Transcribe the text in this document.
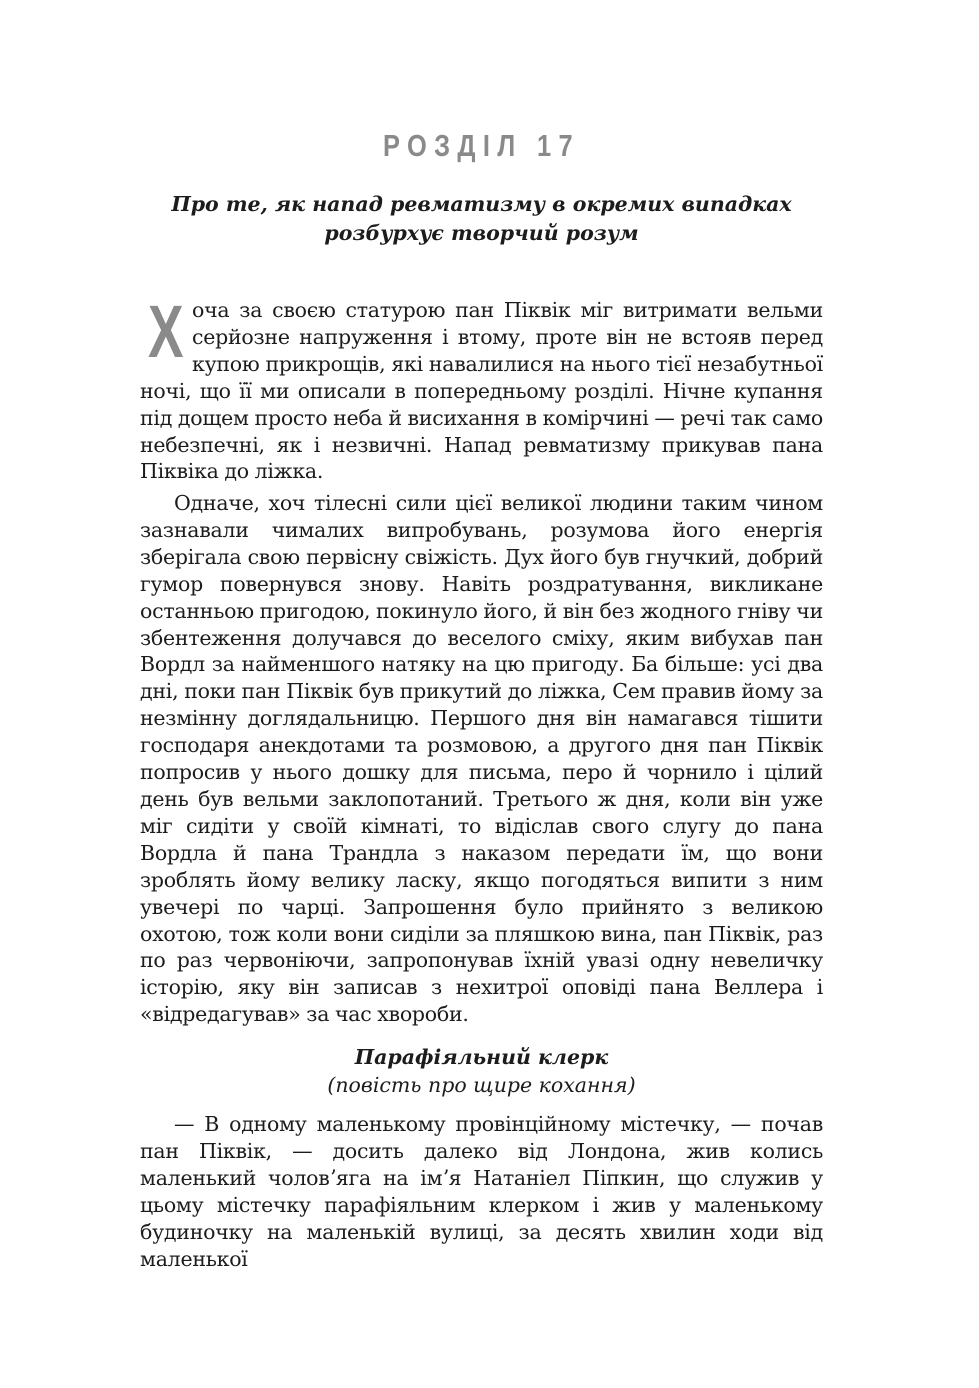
РОЗДІЛ 17
Про те, як напад ревматизму в окремих випадках
розбурхує творчий розум
Хоча за своєю статурою пан Піквік міг витримати вельми серйозне напруження і втому, проте він не встояв перед купою прикрощів, які навалилися на нього тієї незабутньої ночі, що її ми описали в попередньому розділі. Нічне купання під дощем просто неба й висихання в комірчині — речі так само небезпечні, як і незвичні. Напад ревматизму прикував пана Піквіка до ліжка.
Одначе, хоч тілесні сили цієї великої людини таким чином зазнавали чималих випробувань, розумова його енергія зберігала свою первісну свіжість. Дух його був гнучкий, добрий гумор повернувся знову. Навіть роздратування, викликане останньою пригодою, покинуло його, й він без жодного гніву чи збентеження долучався до веселого сміху, яким вибухав пан Вордл за найменшого натяку на цю пригоду. Ба більше: усі два дні, поки пан Піквік був прикутий до ліжка, Сем правив йому за незмінну доглядальницю. Першого дня він намагався тішити господаря анекдотами та розмовою, а другого дня пан Піквік попросив у нього дошку для письма, перо й чорнило і цілий день був вельми заклопотаний. Третього ж дня, коли він уже міг сидіти у своїй кімнаті, то відіслав свого слугу до пана Вордла й пана Трандла з наказом передати їм, що вони зроблять йому велику ласку, якщо погодяться випити з ним увечері по чарці. Запрошення було прийнято з великою охотою, тож коли вони сиділи за пляшкою вина, пан Піквік, раз по раз червоніючи, запропонував їхній увазі одну невеличку історію, яку він записав з нехитрої оповіді пана Веллера і «відредагував» за час хвороби.
Парафіяльний клерк
(повість про щире кохання)
— В одному маленькому провінційному містечку, — почав пан Піквік, — досить далеко від Лондона, жив колись маленький чоловʼяга на імʼя Натаніел Піпкин, що служив у цьому містечку парафіяльним клерком і жив у маленькому будиночку на маленькій вулиці, за десять хвилин ходи від маленької
